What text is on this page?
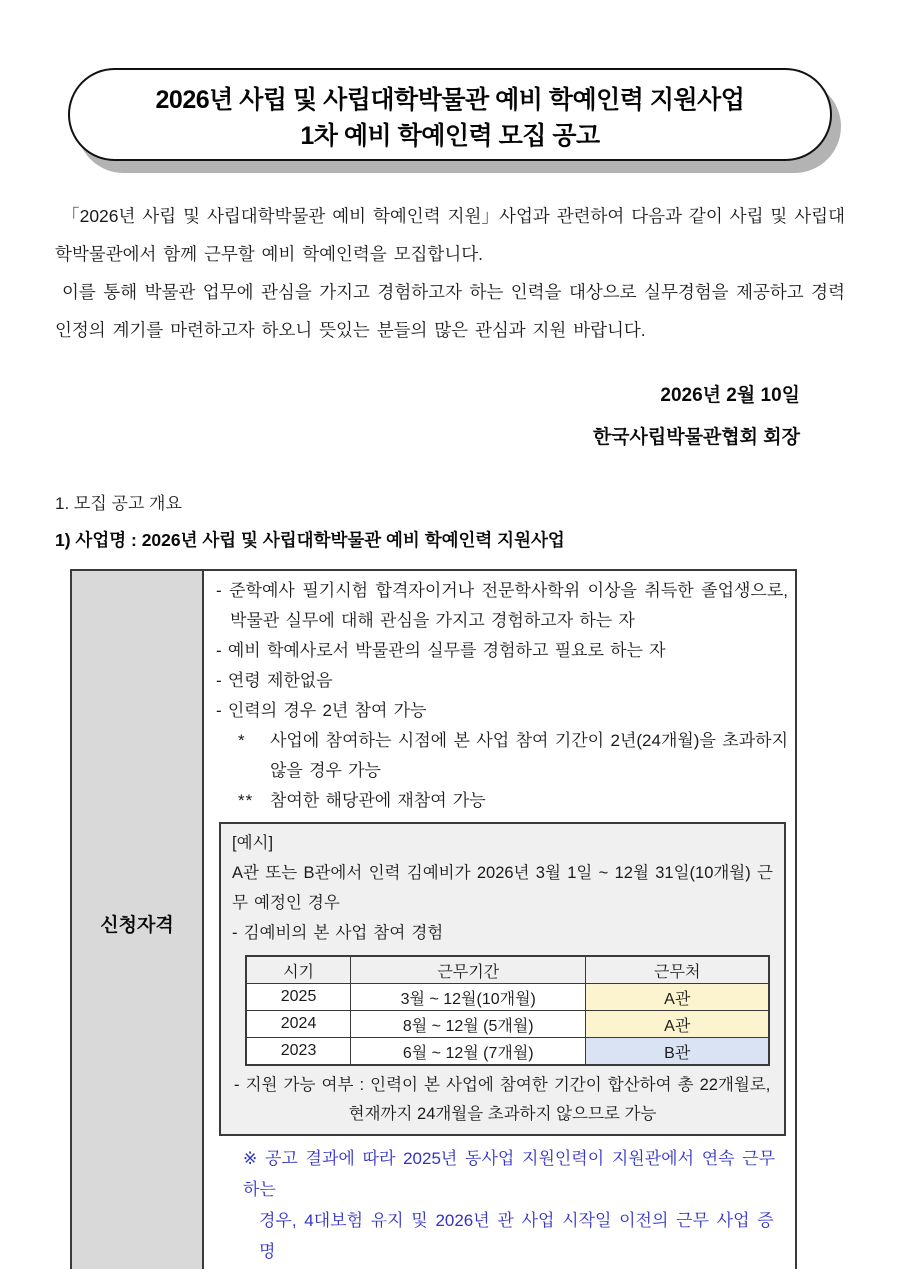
2026년 사립 및 사립대학박물관 예비 학예인력 지원사업
1차 예비 학예인력 모집 공고

「2026년 사립 및 사립대학박물관 예비 학예인력 지원」사업과 관련하여 다음과 같이 사립 및 사립대학박물관에서 함께 근무할 예비 학예인력을 모집합니다.

이를 통해 박물관 업무에 관심을 가지고 경험하고자 하는 인력을 대상으로 실무경험을 제공하고 경력 인정의 계기를 마련하고자 하오니 뜻있는 분들의 많은 관심과 지원 바랍니다.

2026년 2월 10일
한국사립박물관협회 회장
1. 모집 공고 개요
1) 사업명 : 2026년 사립 및 사립대학박물관 예비 학예인력 지원사업
신청자격
- 준학예사 필기시험 합격자이거나 전문학사학위 이상을 취득한 졸업생으로, 박물관 실무에 대해 관심을 가지고 경험하고자 하는 자
- 예비 학예사로서 박물관의 실무를 경험하고 필요로 하는 자
- 연령 제한없음
- 인력의 경우 2년 참여 가능
*	사업에 참여하는 시점에 본 사업 참여 기간이 2년(24개월)을 초과하지 않을 경우 가능
** 참여한 해당관에 재참여 가능
[예시]
A관 또는 B관에서 인력 김예비가 2026년 3월 1일 ~ 12월 31일(10개월) 근무 예정인 경우
- 김예비의 본 사업 참여 경험
시기	근무기간	근무처
2025	3월 ~ 12월(10개월)	A관
2024	8월 ~ 12월 (5개월)	A관
2023	6월 ~ 12월 (7개월)	B관
- 지원 가능 여부 : 인력이 본 사업에 참여한 기간이 합산하여 총 22개월로,
현재까지 24개월을 초과하지 않으므로 가능
※ 공고 결과에 따라 2025년 동사업 지원인력이 지원관에서 연속 근무하는
경우, 4대보험 유지 및 2026년 관 사업 시작일 이전의 근무 사업 증명
